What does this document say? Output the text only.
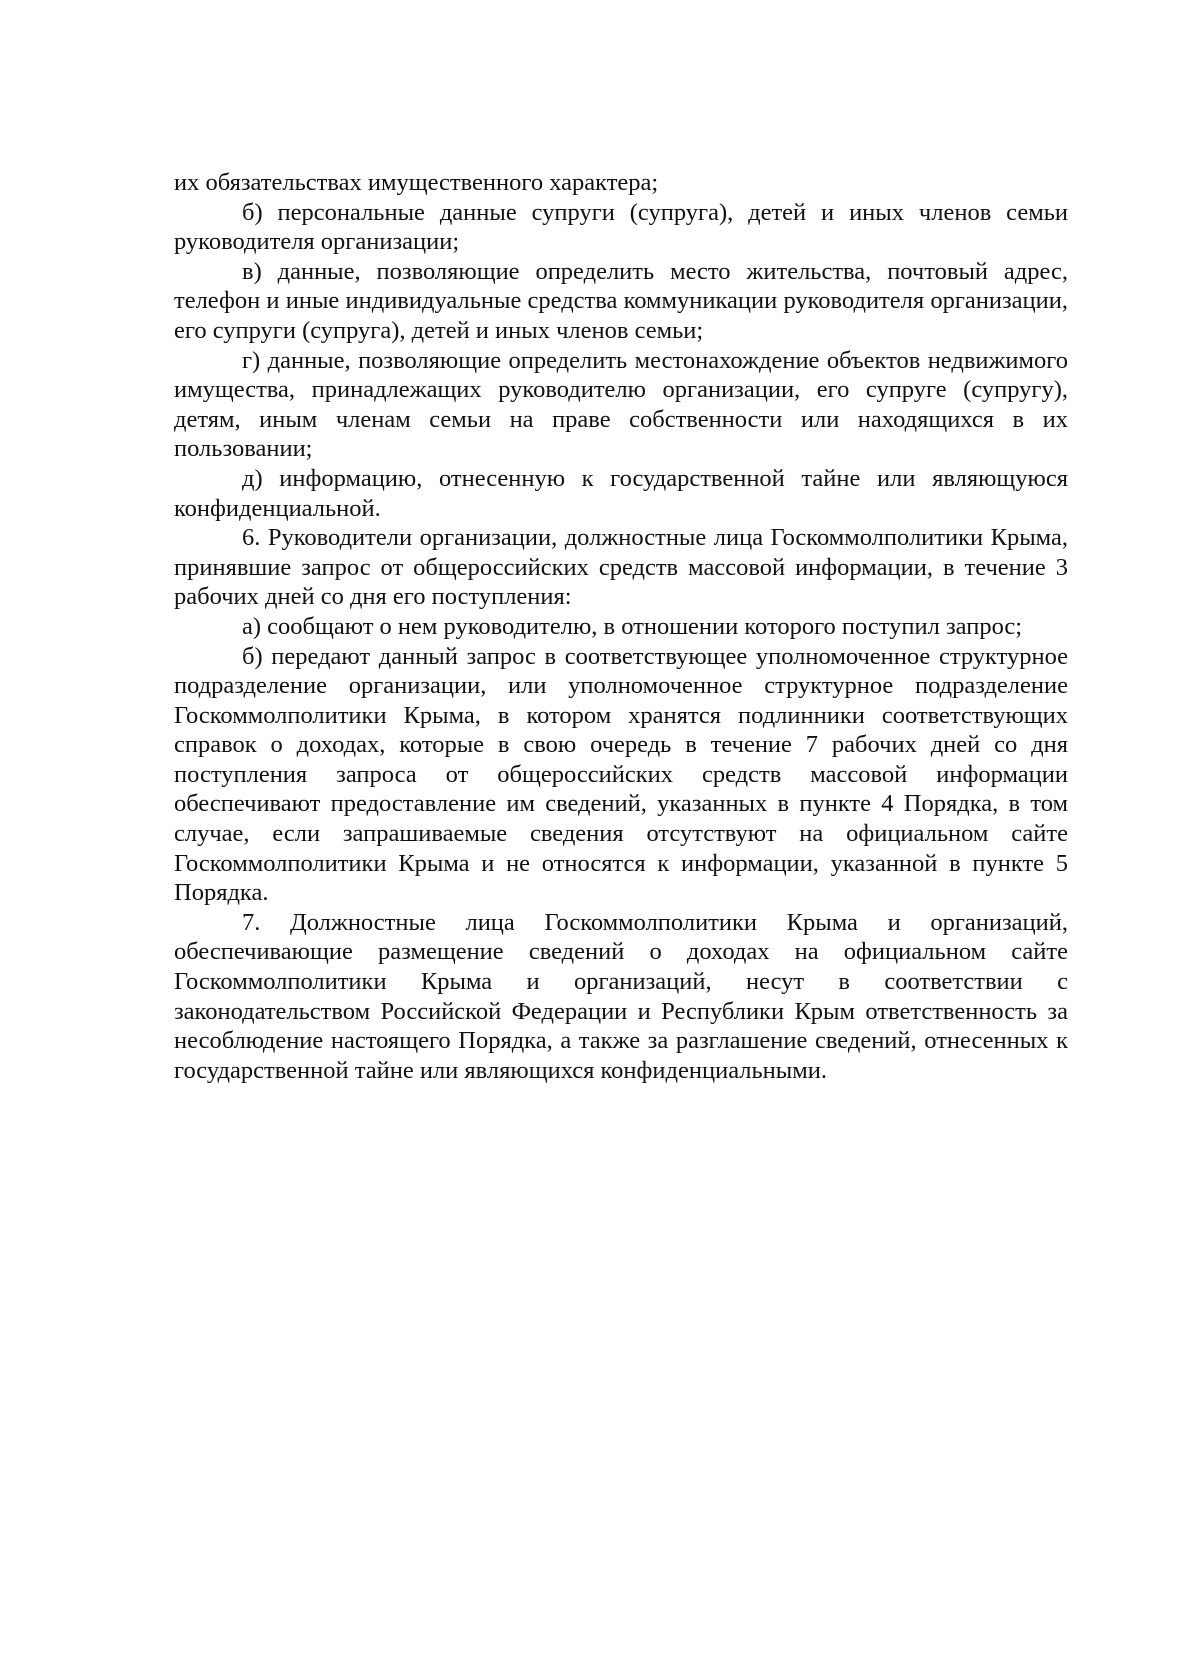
их обязательствах имущественного характера;

б) персональные данные супруги (супруга), детей и иных членов семьи руководителя организации;

в) данные, позволяющие определить место жительства, почтовый адрес, телефон и иные индивидуальные средства коммуникации руководителя организации, его супруги (супруга), детей и иных членов семьи;

г) данные, позволяющие определить местонахождение объектов недвижимого имущества, принадлежащих руководителю организации, его супруге (супругу), детям, иным членам семьи на праве собственности или находящихся в их пользовании;

д) информацию, отнесенную к государственной тайне или являющуюся конфиденциальной.

6. Руководители организации, должностные лица Госкоммолполитики Крыма, принявшие запрос от общероссийских средств массовой информации, в течение 3 рабочих дней со дня его поступления:

а) сообщают о нем руководителю, в отношении которого поступил запрос;

б) передают данный запрос в соответствующее уполномоченное структурное подразделение организации, или уполномоченное структурное подразделение Госкоммолполитики Крыма, в котором хранятся подлинники соответствующих справок о доходах, которые в свою очередь в течение 7 рабочих дней со дня поступления запроса от общероссийских средств массовой информации обеспечивают предоставление им сведений, указанных в пункте 4 Порядка, в том случае, если запрашиваемые сведения отсутствуют на официальном сайте Госкоммолполитики Крыма и не относятся к информации, указанной в пункте 5 Порядка.

7. Должностные лица Госкоммолполитики Крыма и организаций, обеспечивающие размещение сведений о доходах на официальном сайте Госкоммолполитики Крыма и организаций, несут в соответствии с законодательством Российской Федерации и Республики Крым ответственность за несоблюдение настоящего Порядка, а также за разглашение сведений, отнесенных к государственной тайне или являющихся конфиденциальными.
